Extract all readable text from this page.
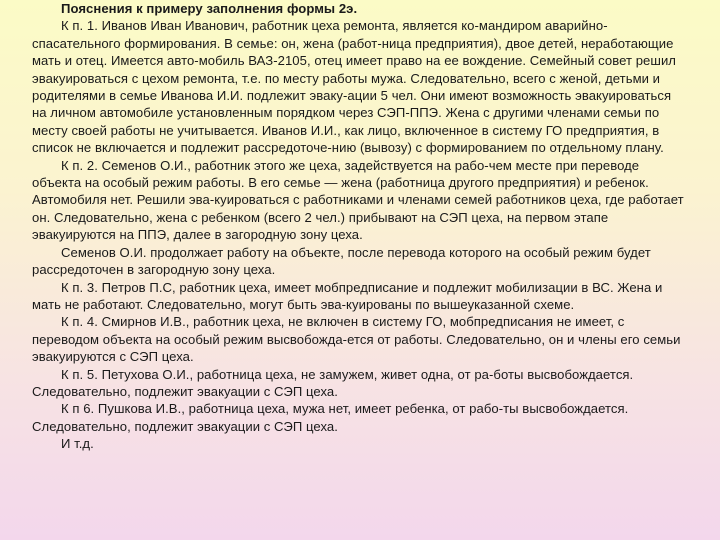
Пояснения к примеру заполнения формы 2э.

К п. 1. Иванов Иван Иванович, работник цеха ремонта, является ко-мандиром аварийно-спасательного формирования. В семье: он, жена (работ-ница предприятия), двое детей, неработающие мать и отец. Имеется авто-мобиль ВАЗ-2105, отец имеет право на ее вождение. Семейный совет решил эвакуироваться с цехом ремонта, т.е. по месту работы мужа. Следовательно, всего с женой, детьми и родителями в семье Иванова И.И. подлежит эваку-ации 5 чел. Они имеют возможность эвакуироваться на личном автомобиле установленным порядком через СЭП-ППЭ. Жена с другими членами семьи по месту своей работы не учитывается. Иванов И.И., как лицо, включенное в систему ГО предприятия, в список не включается и подлежит рассредоточе-нию (вывозу) с формированием по отдельному плану.

К п. 2. Семенов О.И., работник этого же цеха, задействуется на рабо-чем месте при переводе объекта на особый режим работы. В его семье — жена (работница другого предприятия) и ребенок. Автомобиля нет. Решили эва-куироваться с работниками и членами семей работников цеха, где работает он. Следовательно, жена с ребенком (всего 2 чел.) прибывают на СЭП цеха, на первом этапе эвакуируются на ППЭ, далее в загородную зону цеха.

Семенов О.И. продолжает работу на объекте, после перевода которого на особый режим будет рассредоточен в загородную зону цеха.

К п. 3. Петров П.С, работник цеха, имеет мобпредписание и подлежит мобилизации в ВС. Жена и мать не работают. Следовательно, могут быть эва-куированы по вышеуказанной схеме.

К п. 4. Смирнов И.В., работник цеха, не включен в систему ГО, мобпредписания не имеет, с переводом объекта на особый режим высвобожда-ется от работы. Следовательно, он и члены его семьи эвакуируются с СЭП цеха.

К п. 5. Петухова О.И., работница цеха, не замужем, живет одна, от ра-боты высвобождается. Следовательно, подлежит эвакуации с СЭП цеха.

К п 6. Пушкова И.В., работница цеха, мужа нет, имеет ребенка, от рабо-ты высвобождается. Следовательно, подлежит эвакуации с СЭП цеха.

И т.д.
